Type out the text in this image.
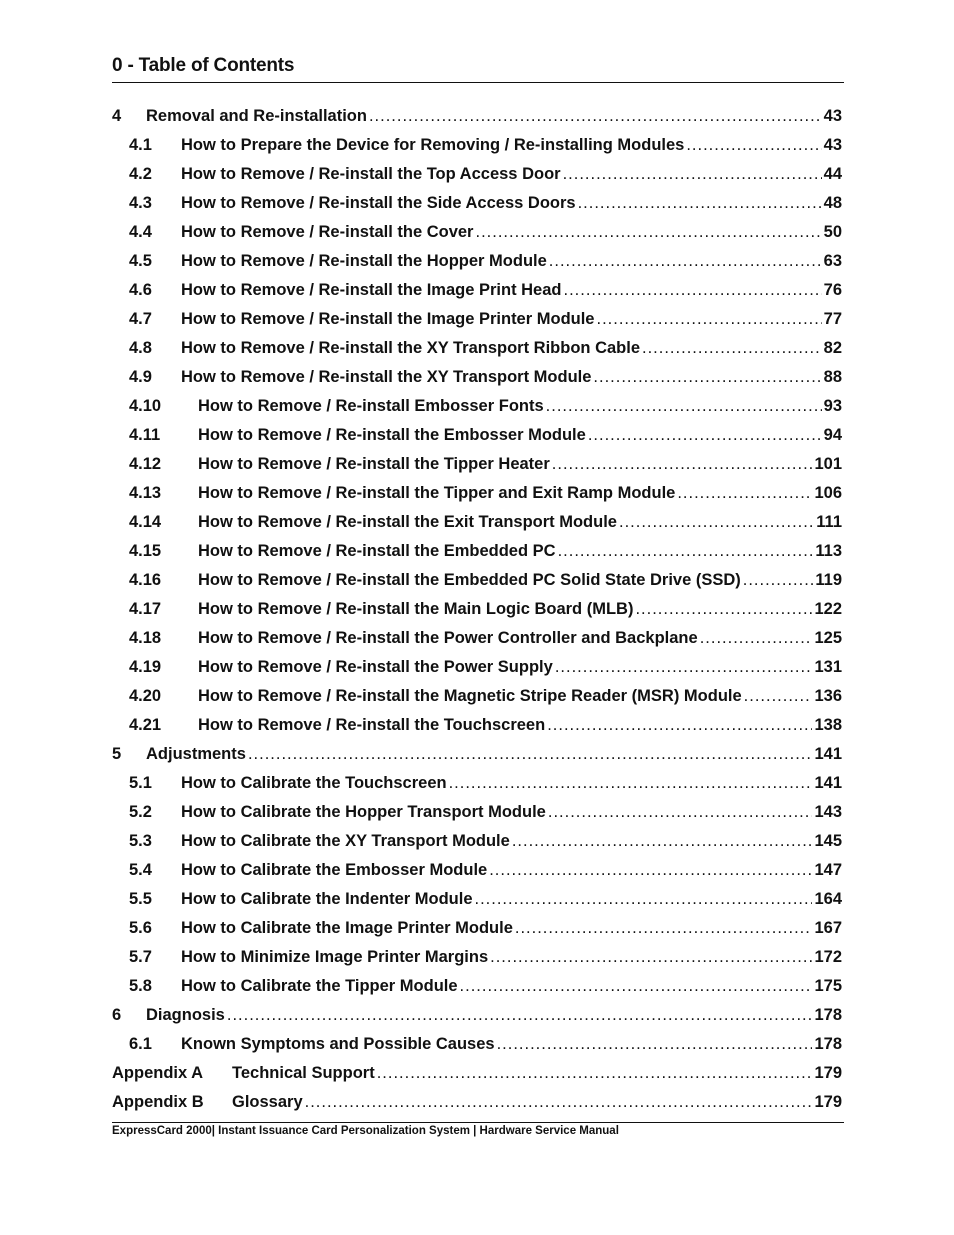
0 - Table of Contents
4	Removal and Re-installation .....	43
4.1	How to Prepare the Device for Removing / Re-installing Modules .....	43
4.2	How to Remove / Re-install the Top Access Door .....	44
4.3	How to Remove / Re-install the Side Access Doors .....	48
4.4	How to Remove / Re-install the Cover .....	50
4.5	How to Remove / Re-install the Hopper Module .....	63
4.6	How to Remove / Re-install the Image Print Head .....	76
4.7	How to Remove / Re-install the Image Printer Module .....	77
4.8	How to Remove / Re-install the XY Transport Ribbon Cable .....	82
4.9	How to Remove / Re-install the XY Transport Module .....	88
4.10	How to Remove / Re-install Embosser Fonts .....	93
4.11	How to Remove / Re-install the Embosser Module .....	94
4.12	How to Remove / Re-install the Tipper Heater .....	101
4.13	How to Remove / Re-install the Tipper and Exit Ramp Module .....	106
4.14	How to Remove / Re-install the Exit Transport Module .....	111
4.15	How to Remove / Re-install the Embedded PC .....	113
4.16	How to Remove / Re-install the Embedded PC Solid State Drive (SSD) .....	119
4.17	How to Remove / Re-install the Main Logic Board (MLB) .....	122
4.18	How to Remove / Re-install the Power Controller and Backplane .....	125
4.19	How to Remove / Re-install the Power Supply .....	131
4.20	How to Remove / Re-install the Magnetic Stripe Reader (MSR) Module .....	136
4.21	How to Remove / Re-install the Touchscreen .....	138
5	Adjustments .....	141
5.1	How to Calibrate the Touchscreen .....	141
5.2	How to Calibrate the Hopper Transport Module .....	143
5.3	How to Calibrate the XY Transport Module .....	145
5.4	How to Calibrate the Embosser Module .....	147
5.5	How to Calibrate the Indenter Module .....	164
5.6	How to Calibrate the Image Printer Module .....	167
5.7	How to Minimize Image Printer Margins .....	172
5.8	How to Calibrate the Tipper Module .....	175
6	Diagnosis .....	178
6.1	Known Symptoms and Possible Causes .....	178
Appendix A	Technical Support .....	179
Appendix B	Glossary .....	179
ExpressCard 2000| Instant Issuance Card Personalization System | Hardware Service Manual
